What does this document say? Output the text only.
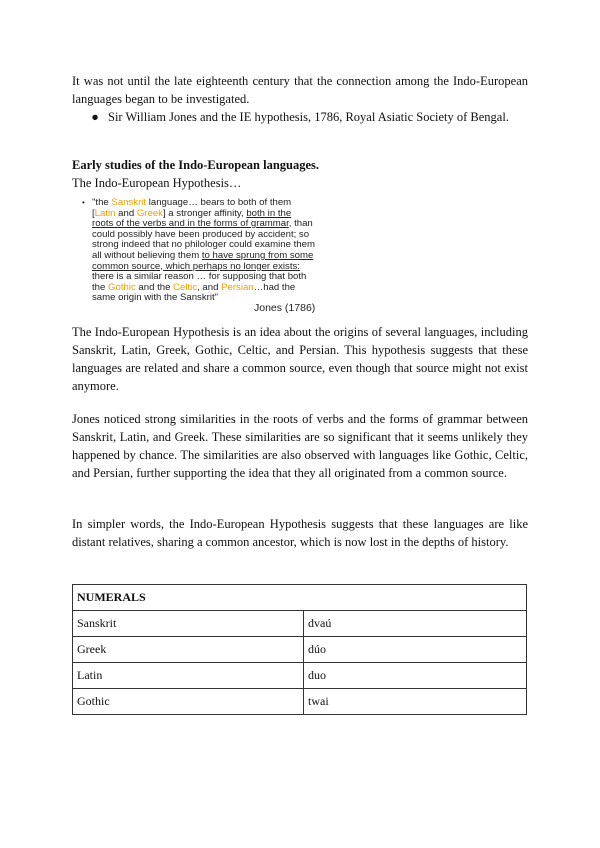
It was not until the late eighteenth century that the connection among the Indo-European languages began to be investigated.

● Sir William Jones and the IE hypothesis, 1786, Royal Asiatic Society of Bengal.
Early studies of the Indo-European languages.
The Indo-European Hypothesis…
• "the Sanskrit language… bears to both of them
[Latin and Greek] a stronger affinity, both in the
roots of the verbs and in the forms of grammar, than
could possibly have been produced by accident; so
strong indeed that no philologer could examine them
all without believing them to have sprung from some
common source, which perhaps no longer exists:
there is a similar reason … for supposing that both
the Gothic and the Celtic, and Persian…had the
same origin with the Sanskrit"
Jones (1786)

The Indo-European Hypothesis is an idea about the origins of several languages, including Sanskrit, Latin, Greek, Gothic, Celtic, and Persian. This hypothesis suggests that these languages are related and share a common source, even though that source might not exist anymore.

Jones noticed strong similarities in the roots of verbs and the forms of grammar between Sanskrit, Latin, and Greek. These similarities are so significant that it seems unlikely they happened by chance. The similarities are also observed with languages like Gothic, Celtic, and Persian, further supporting the idea that they all originated from a common source.

In simpler words, the Indo-European Hypothesis suggests that these languages are like distant relatives, sharing a common ancestor, which is now lost in the depths of history.

NUMERALS	
Sanskrit	dvaú
Greek	dúo
Latin	duo
Gothic	twai
